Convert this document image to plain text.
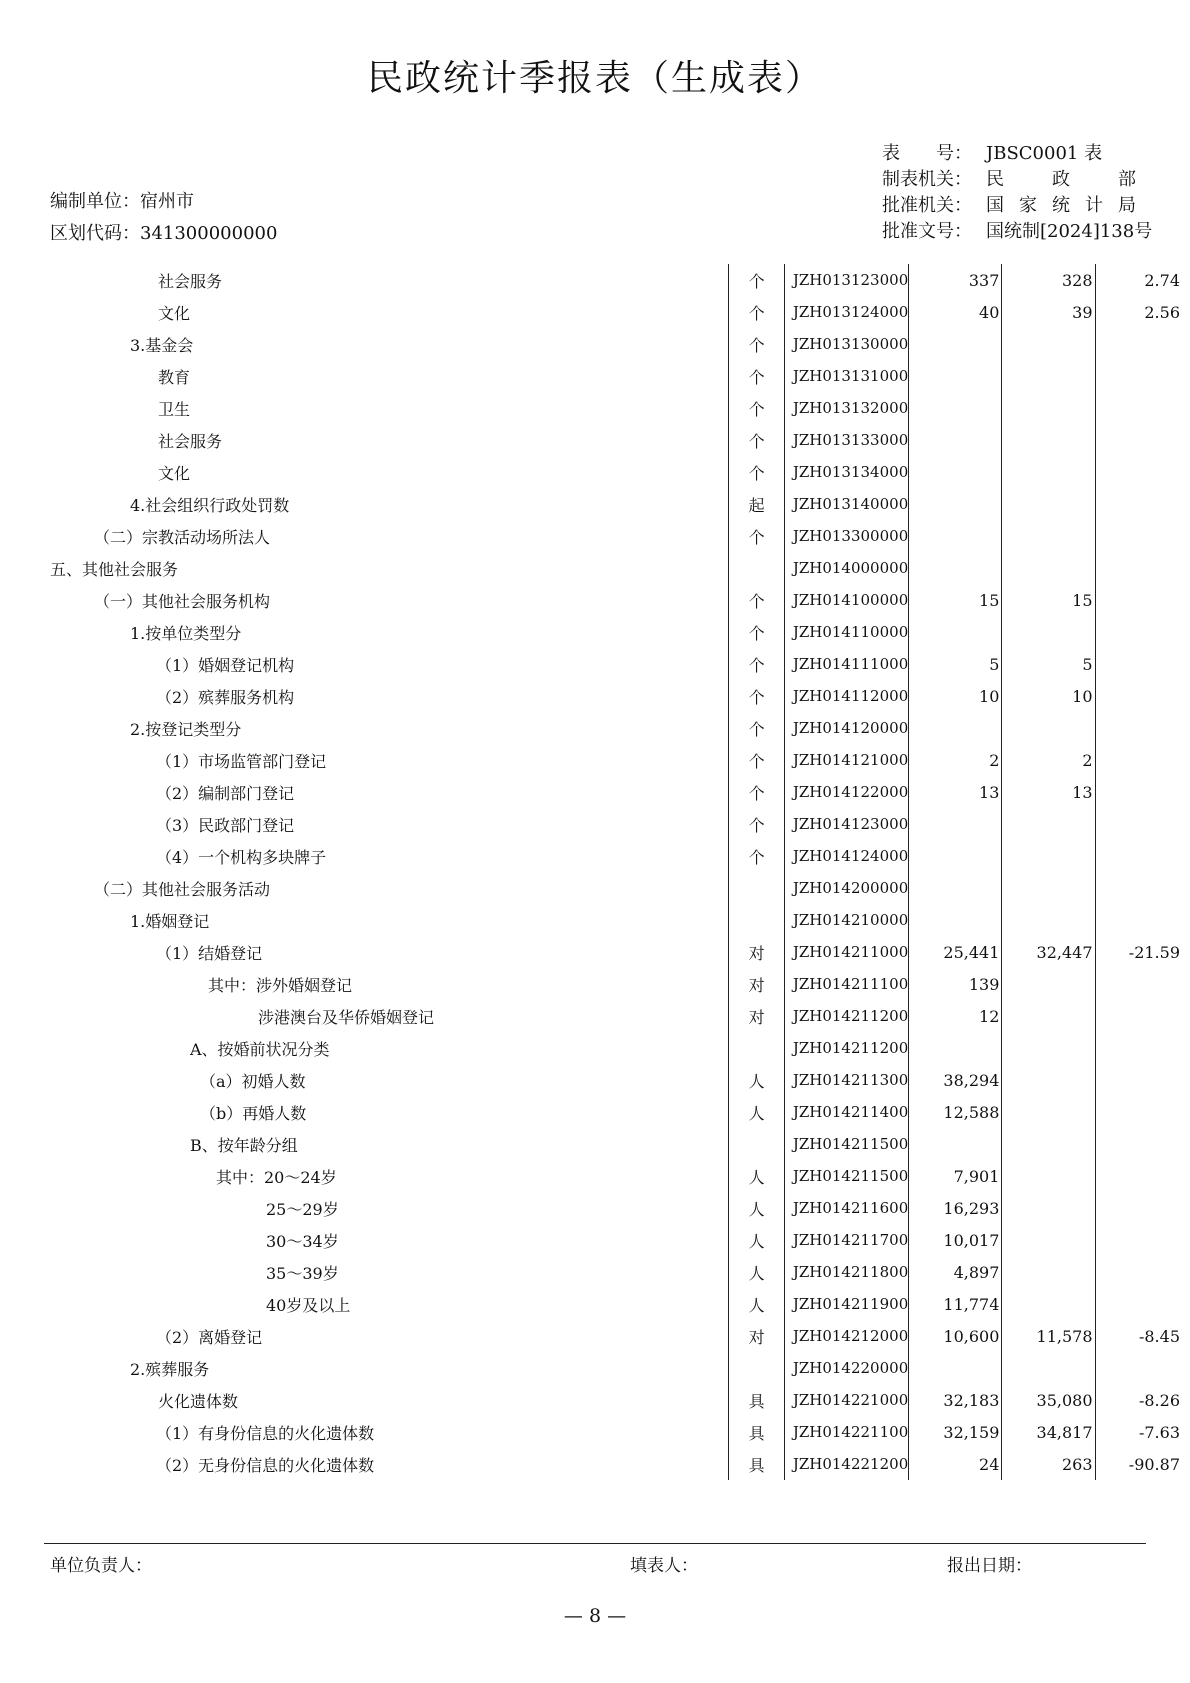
民政统计季报表（生成表）
编制单位：宿州市
区划代码：341300000000
表　　号： JBSC0001 表
制表机关： 民政部
批准机关： 国家统计局
批准文号： 国统制[2024]138号
社会服务	个	JZH013123000	337	328	2.74
文化	个	JZH013124000	40	39	2.56
3.基金会	个	JZH013130000			
教育	个	JZH013131000			
卫生	个	JZH013132000			
社会服务	个	JZH013133000			
文化	个	JZH013134000			
4.社会组织行政处罚数	起	JZH013140000			
（二）宗教活动场所法人	个	JZH013300000			
五、其他社会服务		JZH014000000			
（一）其他社会服务机构	个	JZH014100000	15	15	
1.按单位类型分	个	JZH014110000			
（1）婚姻登记机构	个	JZH014111000	5	5	
（2）殡葬服务机构	个	JZH014112000	10	10	
2.按登记类型分	个	JZH014120000			
（1）市场监管部门登记	个	JZH014121000	2	2	
（2）编制部门登记	个	JZH014122000	13	13	
（3）民政部门登记	个	JZH014123000			
（4）一个机构多块牌子	个	JZH014124000			
（二）其他社会服务活动		JZH014200000			
1.婚姻登记		JZH014210000			
（1）结婚登记	对	JZH014211000	25,441	32,447	-21.59
其中：涉外婚姻登记	对	JZH014211100	139		
涉港澳台及华侨婚姻登记	对	JZH014211200	12		
A、按婚前状况分类		JZH014211200			
（a）初婚人数	人	JZH014211300	38,294		
（b）再婚人数	人	JZH014211400	12,588		
B、按年龄分组		JZH014211500			
其中：20～24岁	人	JZH014211500	7,901		
25～29岁	人	JZH014211600	16,293		
30～34岁	人	JZH014211700	10,017		
35～39岁	人	JZH014211800	4,897		
40岁及以上	人	JZH014211900	11,774		
（2）离婚登记	对	JZH014212000	10,600	11,578	-8.45
2.殡葬服务		JZH014220000			
火化遗体数	具	JZH014221000	32,183	35,080	-8.26
（1）有身份信息的火化遗体数	具	JZH014221100	32,159	34,817	-7.63
（2）无身份信息的火化遗体数	具	JZH014221200	24	263	-90.87
单位负责人：	填表人：	报出日期：
— 8 —
